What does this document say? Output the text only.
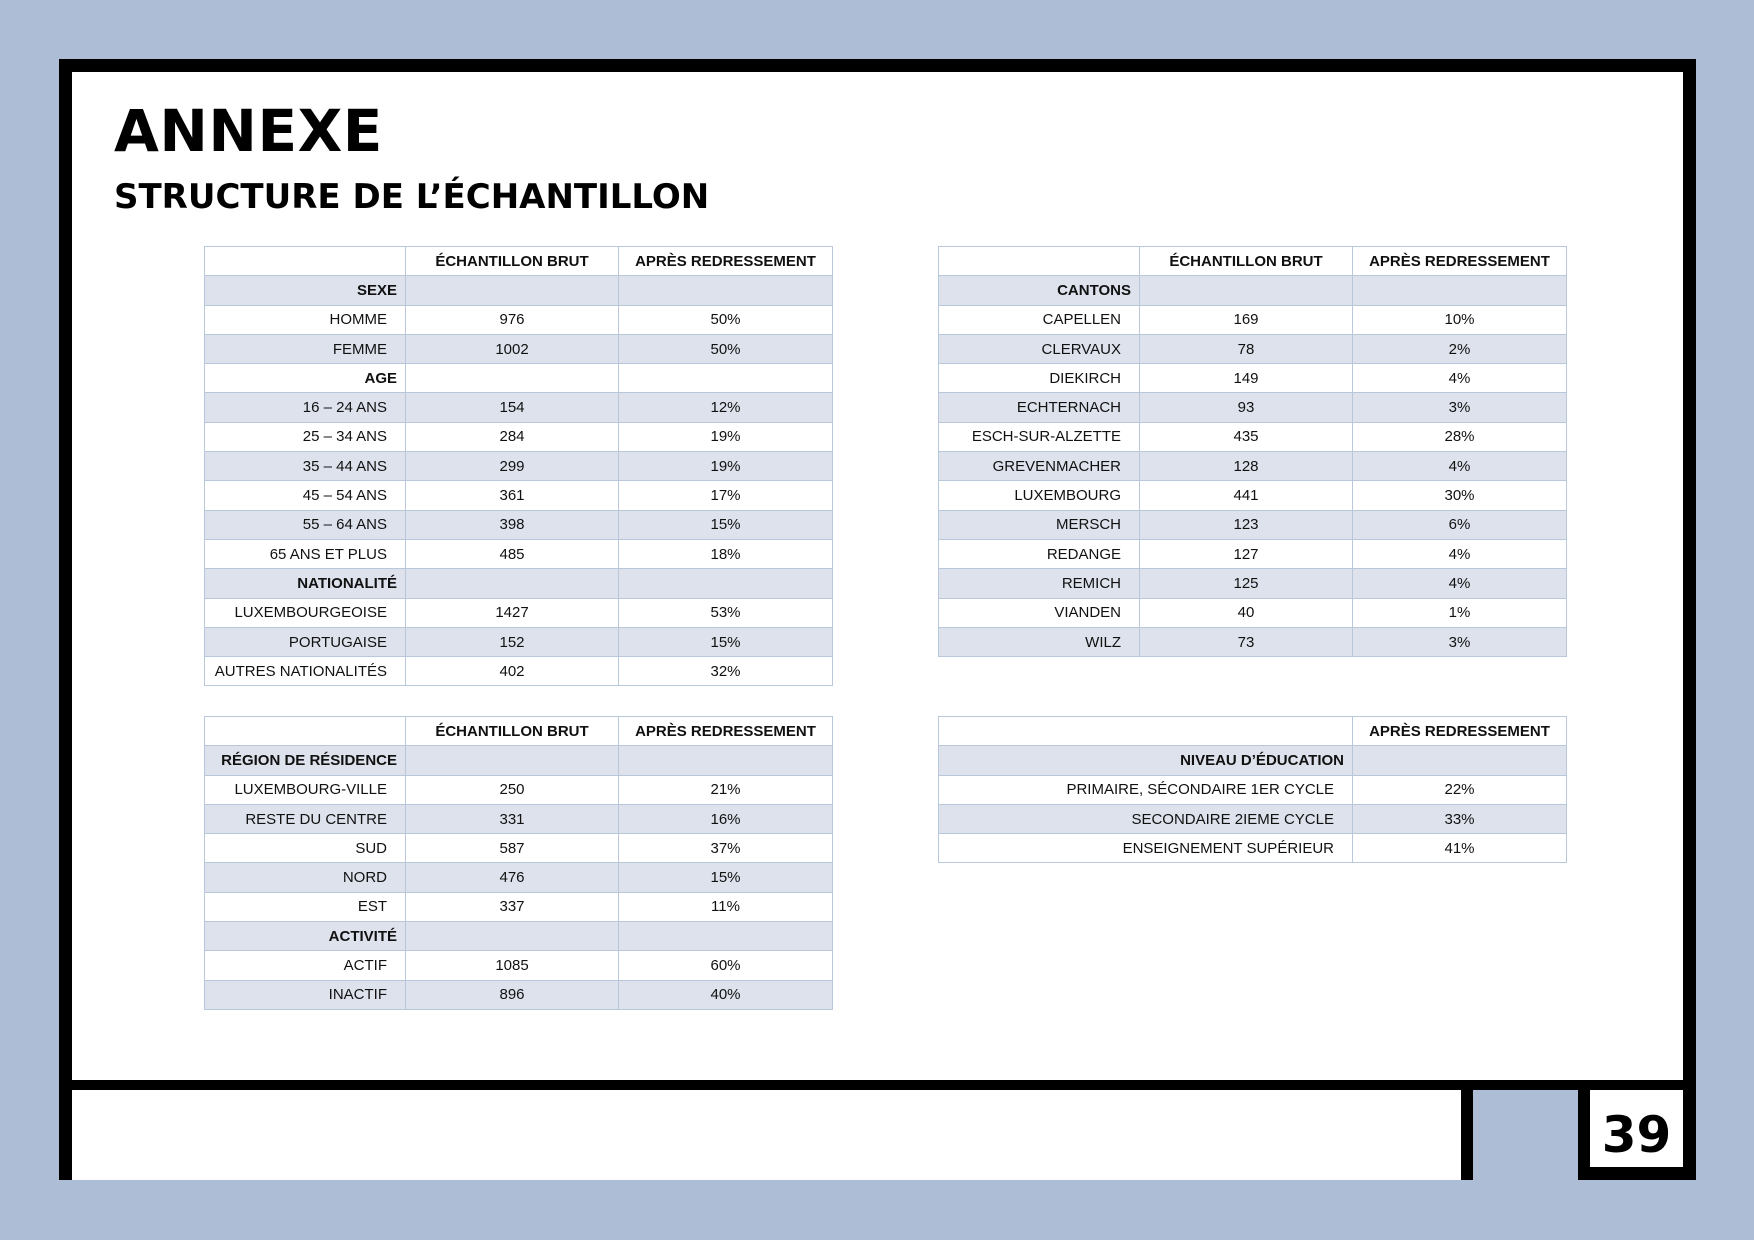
ANNEXE
STRUCTURE DE L’ÉCHANTILLON
	ÉCHANTILLON BRUT	APRÈS REDRESSEMENT
SEXE		
HOMME	976	50%
FEMME	1002	50%
AGE		
16 – 24 ANS	154	12%
25 – 34 ANS	284	19%
35 – 44 ANS	299	19%
45 – 54 ANS	361	17%
55 – 64 ANS	398	15%
65 ANS ET PLUS	485	18%
NATIONALITÉ		
LUXEMBOURGEOISE	1427	53%
PORTUGAISE	152	15%
AUTRES NATIONALITÉS	402	32%
	ÉCHANTILLON BRUT	APRÈS REDRESSEMENT
CANTONS		
CAPELLEN	169	10%
CLERVAUX	78	2%
DIEKIRCH	149	4%
ECHTERNACH	93	3%
ESCH-SUR-ALZETTE	435	28%
GREVENMACHER	128	4%
LUXEMBOURG	441	30%
MERSCH	123	6%
REDANGE	127	4%
REMICH	125	4%
VIANDEN	40	1%
WILZ	73	3%
	ÉCHANTILLON BRUT	APRÈS REDRESSEMENT
RÉGION DE RÉSIDENCE		
LUXEMBOURG-VILLE	250	21%
RESTE DU CENTRE	331	16%
SUD	587	37%
NORD	476	15%
EST	337	11%
ACTIVITÉ		
ACTIF	1085	60%
INACTIF	896	40%
	APRÈS REDRESSEMENT
NIVEAU D’ÉDUCATION	
PRIMAIRE, SÉCONDAIRE 1ER CYCLE	22%
SECONDAIRE 2IEME CYCLE	33%
ENSEIGNEMENT SUPÉRIEUR	41%
39
